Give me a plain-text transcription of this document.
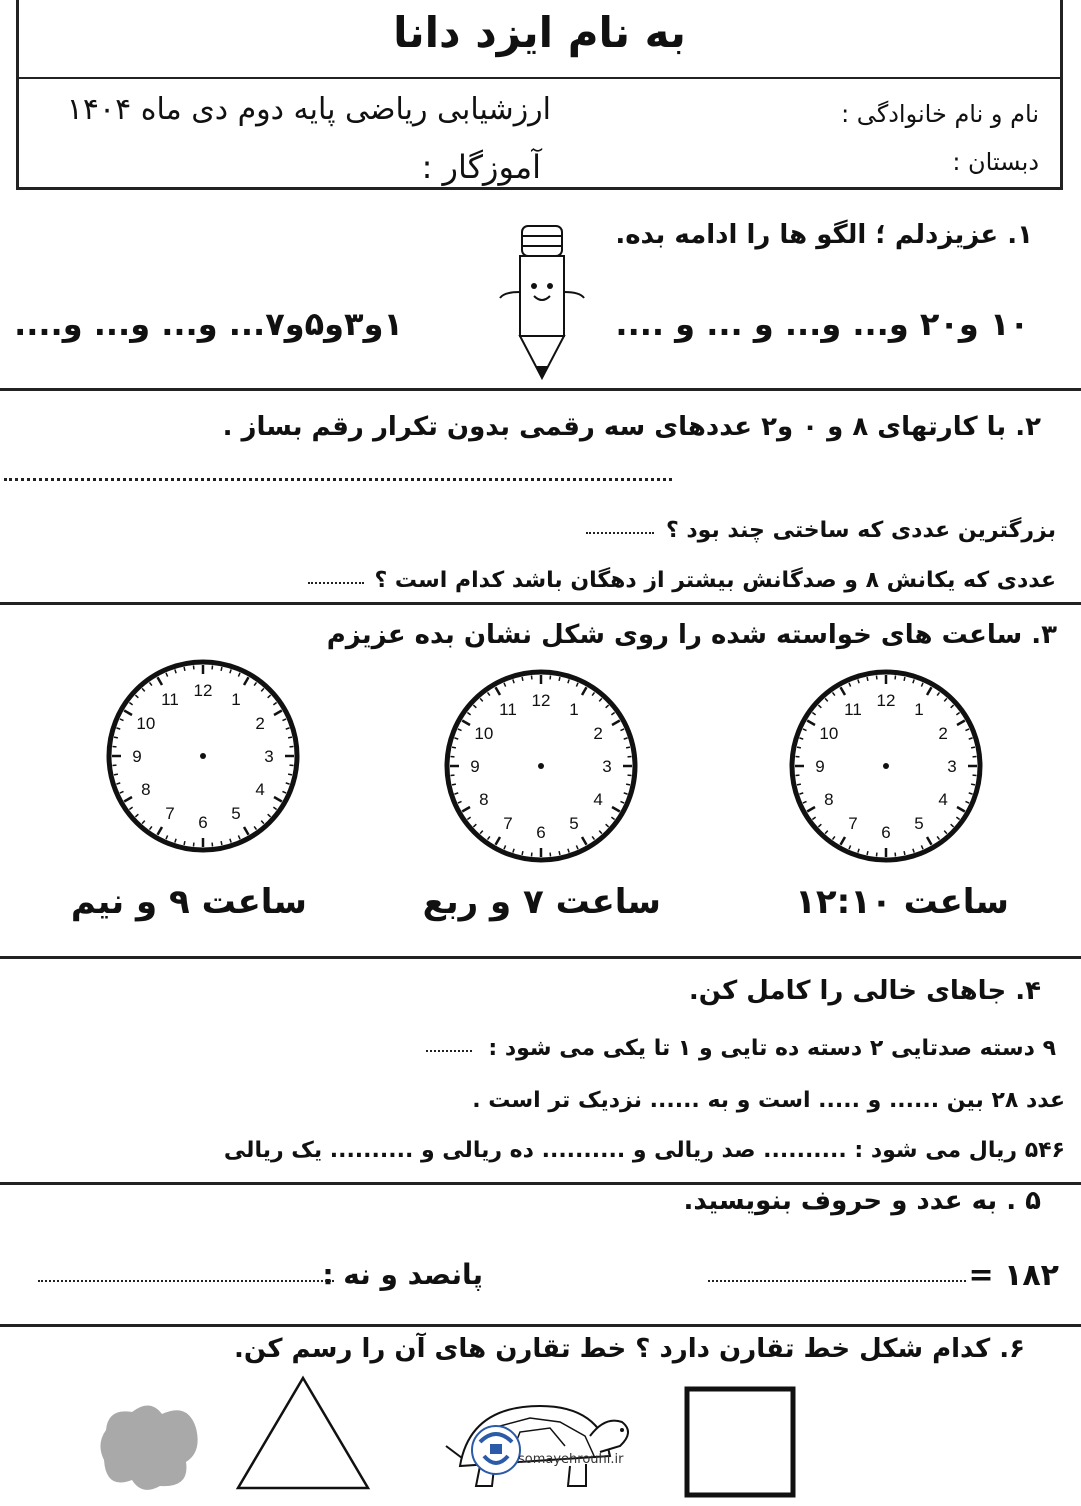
به نام ایزد دانا
ارزشیابی ریاضی پایه دوم دی ماه ۱۴۰۴
آموزگار :
نام و نام خانوادگی :
دبستان :
۱. عزیزدلم ؛ الگو ها را ادامه بده.
۱۰ و۲۰ و... و... و ... و ....
۱و۳و۵و۷... و... و... و....
۲. با کارتهای ۸ و ۰ و۲ عددهای سه رقمی بدون تکرار رقم بساز .
بزرگترین عددی که ساختی چند بود ؟
عددی که یکانش ۸ و صدگانش بیشتر از دهگان باشد کدام است ؟
۳. ساعت های خواسته شده را روی شکل نشان بده عزیزم
12 1
2
3
4
5
6
7
8
9
10
11
12 1
2
3
4
5
6
7
8
9
10
11
12 1
2
3
4
5
6
7
8
9
10
11
ساعت ۱۲:۱۰
ساعت ۷ و ربع
ساعت ۹ و نیم
۴. جاهای خالی را کامل کن.
۹ دسته صدتایی ۲ دسته ده تایی و ۱ تا یکی می شود :
عدد ۲۸ بین ...... و ..... است و به ...... نزدیک تر است .
۵۴۶ ریال می شود : .......... صد ریالی و .......... ده ریالی و .......... یک ریالی
۵ . به عدد و حروف بنویسید.
۱۸۲ =
پانصد و نه :
۶. کدام شکل خط تقارن دارد ؟ خط تقارن های آن را رسم کن.
somayehrouhi.ir
